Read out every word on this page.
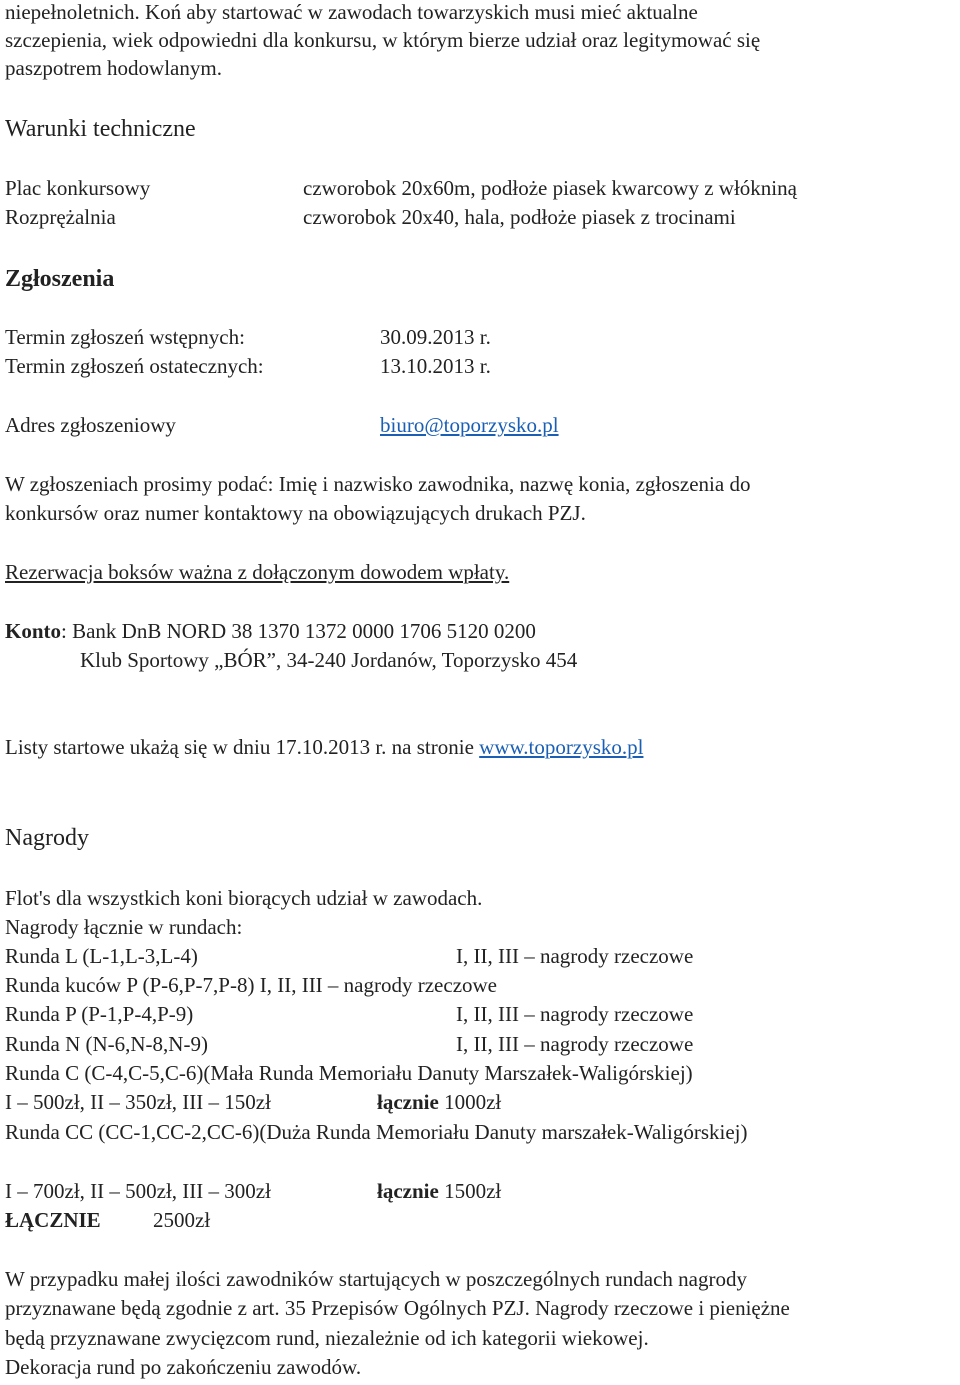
niepełnoletnich. Koń aby startować w zawodach towarzyskich musi mieć aktualne
szczepienia, wiek odpowiedni dla konkursu, w którym bierze udział oraz legitymować się
paszpotrem hodowlanym.
Warunki techniczne
Plac konkursowy	czworobok 20x60m, podłoże piasek kwarcowy z włókniną
Rozprężalnia	czworobok 20x40, hala, podłoże piasek z trocinami
Zgłoszenia
Termin zgłoszeń wstępnych:	30.09.2013 r.
Termin zgłoszeń ostatecznych:	13.10.2013 r.
Adres zgłoszeniowy	biuro@toporzysko.pl
W zgłoszeniach prosimy podać: Imię i nazwisko zawodnika, nazwę konia, zgłoszenia do
konkursów oraz numer kontaktowy na obowiązujących drukach PZJ.
Rezerwacja boksów ważna z dołączonym dowodem wpłaty.
Konto: Bank DnB NORD 38 1370 1372 0000 1706 5120 0200
Klub Sportowy „BÓR”, 34-240 Jordanów, Toporzysko 454
Listy startowe ukażą się w dniu 17.10.2013 r. na stronie www.toporzysko.pl
Nagrody
Flot's dla wszystkich koni biorących udział w zawodach.
Nagrody łącznie w rundach:
Runda L (L-1,L-3,L-4)	I, II, III – nagrody rzeczowe
Runda kuców P (P-6,P-7,P-8) I, II, III – nagrody rzeczowe
Runda P (P-1,P-4,P-9)	I, II, III – nagrody rzeczowe
Runda N (N-6,N-8,N-9)	I, II, III – nagrody rzeczowe
Runda C (C-4,C-5,C-6)(Mała Runda Memoriału Danuty Marszałek-Waligórskiej)
I – 500zł, II – 350zł, III – 150zł	łącznie 1000zł
Runda CC (CC-1,CC-2,CC-6)(Duża Runda Memoriału Danuty marszałek-Waligórskiej)
I – 700zł, II – 500zł, III – 300zł	łącznie 1500zł
ŁĄCZNIE 2500zł
W przypadku małej ilości zawodników startujących w poszczególnych rundach nagrody
przyznawane będą zgodnie z art. 35 Przepisów Ogólnych PZJ. Nagrody rzeczowe i pieniężne
będą przyznawane zwycięzcom rund, niezależnie od ich kategorii wiekowej.
Dekoracja rund po zakończeniu zawodów.
